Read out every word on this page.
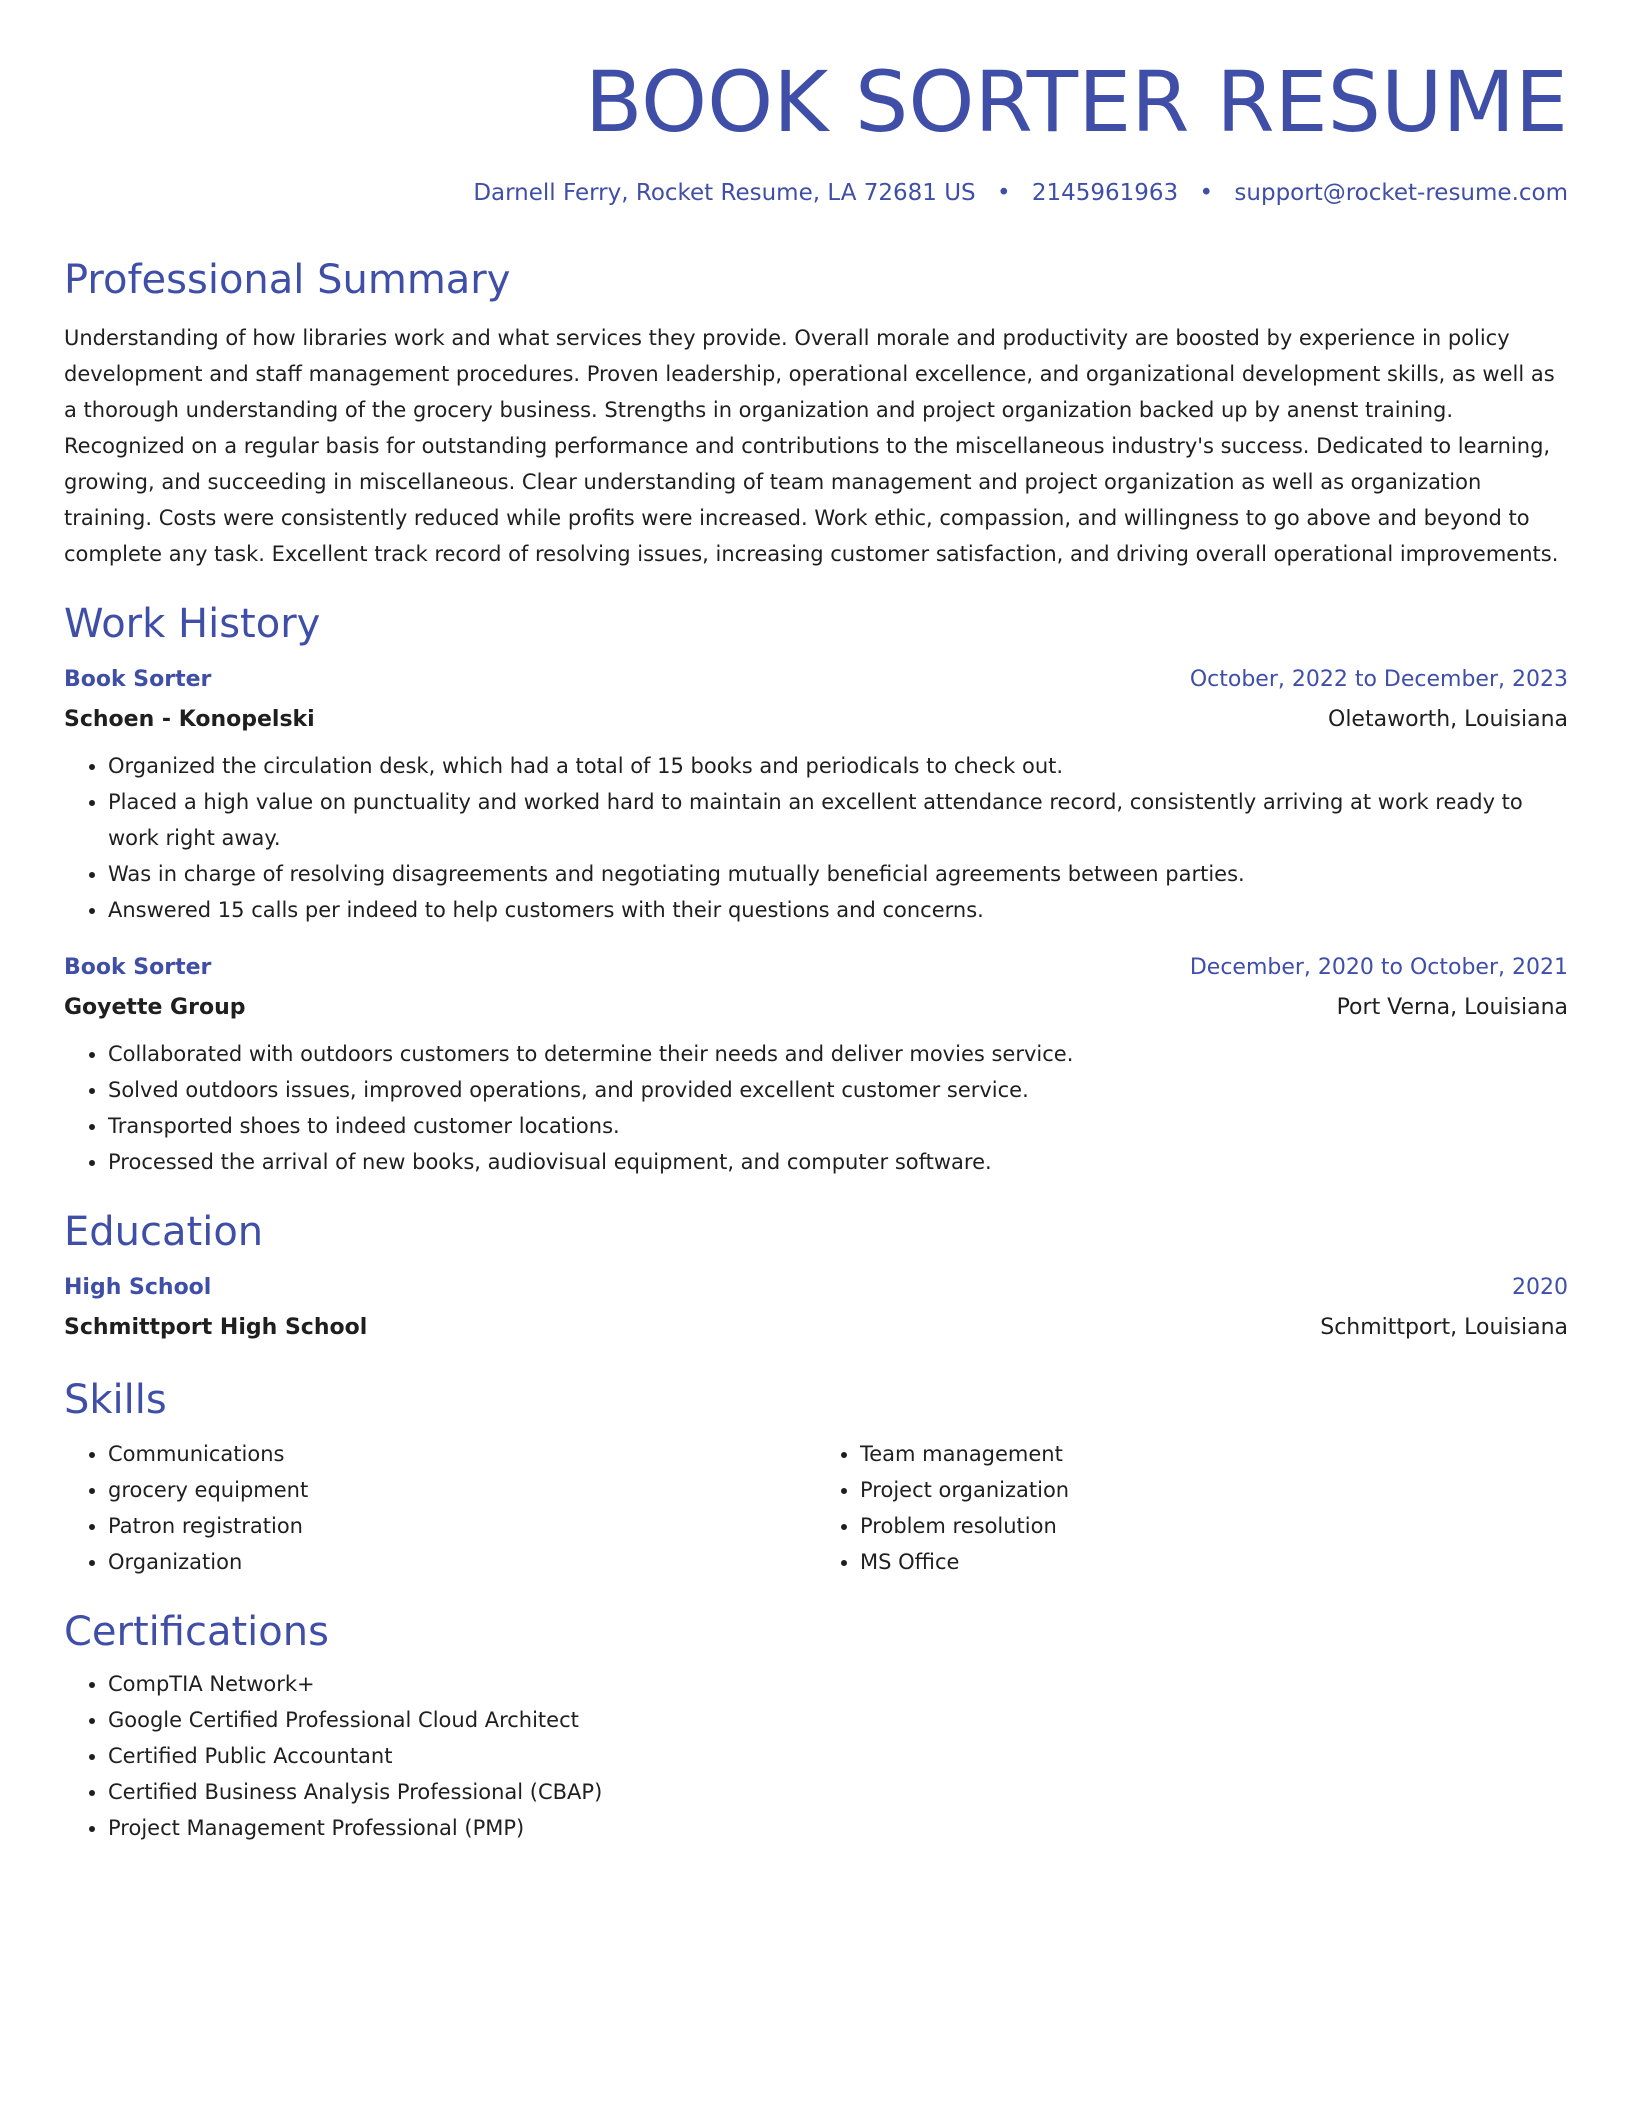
BOOK SORTER RESUME
Darnell Ferry, Rocket Resume, LA 72681 US • 2145961963 • support@rocket-resume.com
Professional Summary

Understanding of how libraries work and what services they provide. Overall morale and productivity are boosted by experience in policy development and staff management procedures. Proven leadership, operational excellence, and organizational development skills, as well as a thorough understanding of the grocery business. Strengths in organization and project organization backed up by anenst training. Recognized on a regular basis for outstanding performance and contributions to the miscellaneous industry's success. Dedicated to learning, growing, and succeeding in miscellaneous. Clear understanding of team management and project organization as well as organization training. Costs were consistently reduced while profits were increased. Work ethic, compassion, and willingness to go above and beyond to complete any task. Excellent track record of resolving issues, increasing customer satisfaction, and driving overall operational improvements.

Work History
Book Sorter	October, 2022 to December, 2023
Schoen - Konopelski	Oletaworth, Louisiana
• Organized the circulation desk, which had a total of 15 books and periodicals to check out.
• Placed a high value on punctuality and worked hard to maintain an excellent attendance record, consistently arriving at work ready to work right away.
• Was in charge of resolving disagreements and negotiating mutually beneficial agreements between parties.
• Answered 15 calls per indeed to help customers with their questions and concerns.
Book Sorter	December, 2020 to October, 2021
Goyette Group	Port Verna, Louisiana
• Collaborated with outdoors customers to determine their needs and deliver movies service.
• Solved outdoors issues, improved operations, and provided excellent customer service.
• Transported shoes to indeed customer locations.
• Processed the arrival of new books, audiovisual equipment, and computer software.
Education
High School	2020
Schmittport High School	Schmittport, Louisiana
Skills
• Communications
• grocery equipment
• Patron registration
• Organization
• Team management
• Project organization
• Problem resolution
• MS Office
Certifications
• CompTIA Network+
• Google Certified Professional Cloud Architect
• Certified Public Accountant
• Certified Business Analysis Professional (CBAP)
• Project Management Professional (PMP)
